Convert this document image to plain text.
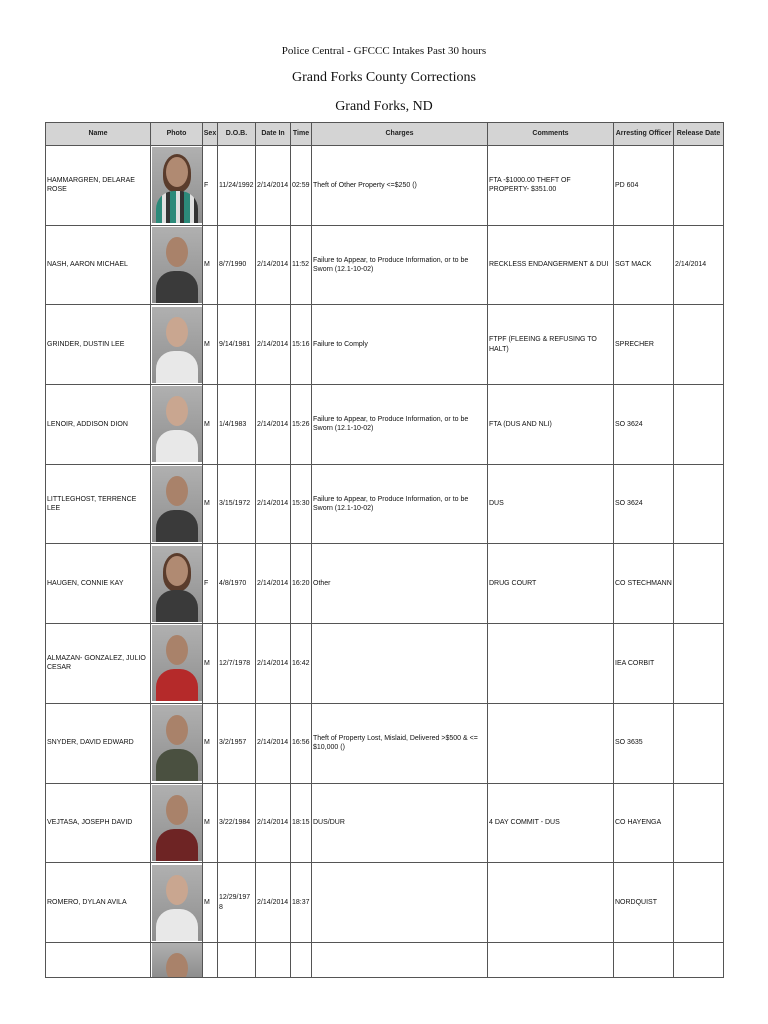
Police Central - GFCCC Intakes Past 30 hours
Grand Forks County Corrections
Grand Forks, ND
Name	Photo	Sex	D.O.B.	Date In	Time	Charges	Comments	Arresting Officer	Release Date
HAMMARGREN, DELARAE ROSE		F	11/24/1992	2/14/2014	02:59	Theft of Other Property <=$250 ()	FTA -$1000.00 THEFT OF PROPERTY- $351.00	PD 604	
NASH, AARON MICHAEL		M	8/7/1990	2/14/2014	11:52	Failure to Appear, to Produce Information, or to be Sworn (12.1-10-02)	RECKLESS ENDANGERMENT & DUI	SGT MACK	2/14/2014
GRINDER, DUSTIN LEE		M	9/14/1981	2/14/2014	15:16	Failure to Comply	FTPF (FLEEING & REFUSING TO HALT)	SPRECHER	
LENOIR, ADDISON DION		M	1/4/1983	2/14/2014	15:26	Failure to Appear, to Produce Information, or to be Sworn (12.1-10-02)	FTA (DUS AND NLI)	SO 3624	
LITTLEGHOST, TERRENCE LEE		M	3/15/1972	2/14/2014	15:30	Failure to Appear, to Produce Information, or to be Sworn (12.1-10-02)	DUS	SO 3624	
HAUGEN, CONNIE KAY		F	4/8/1970	2/14/2014	16:20	Other	DRUG COURT	CO STECHMANN	
ALMAZAN- GONZALEZ, JULIO CESAR		M	12/7/1978	2/14/2014	16:42			IEA CORBIT	
SNYDER, DAVID EDWARD		M	3/2/1957	2/14/2014	16:56	Theft of Property Lost, Mislaid, Delivered >$500 & <= $10,000 ()		SO 3635	
VEJTASA, JOSEPH DAVID		M	3/22/1984	2/14/2014	18:15	DUS/DUR	4 DAY COMMIT - DUS	CO HAYENGA	
ROMERO, DYLAN AVILA		M	12/29/1978	2/14/2014	18:37			NORDQUIST	
